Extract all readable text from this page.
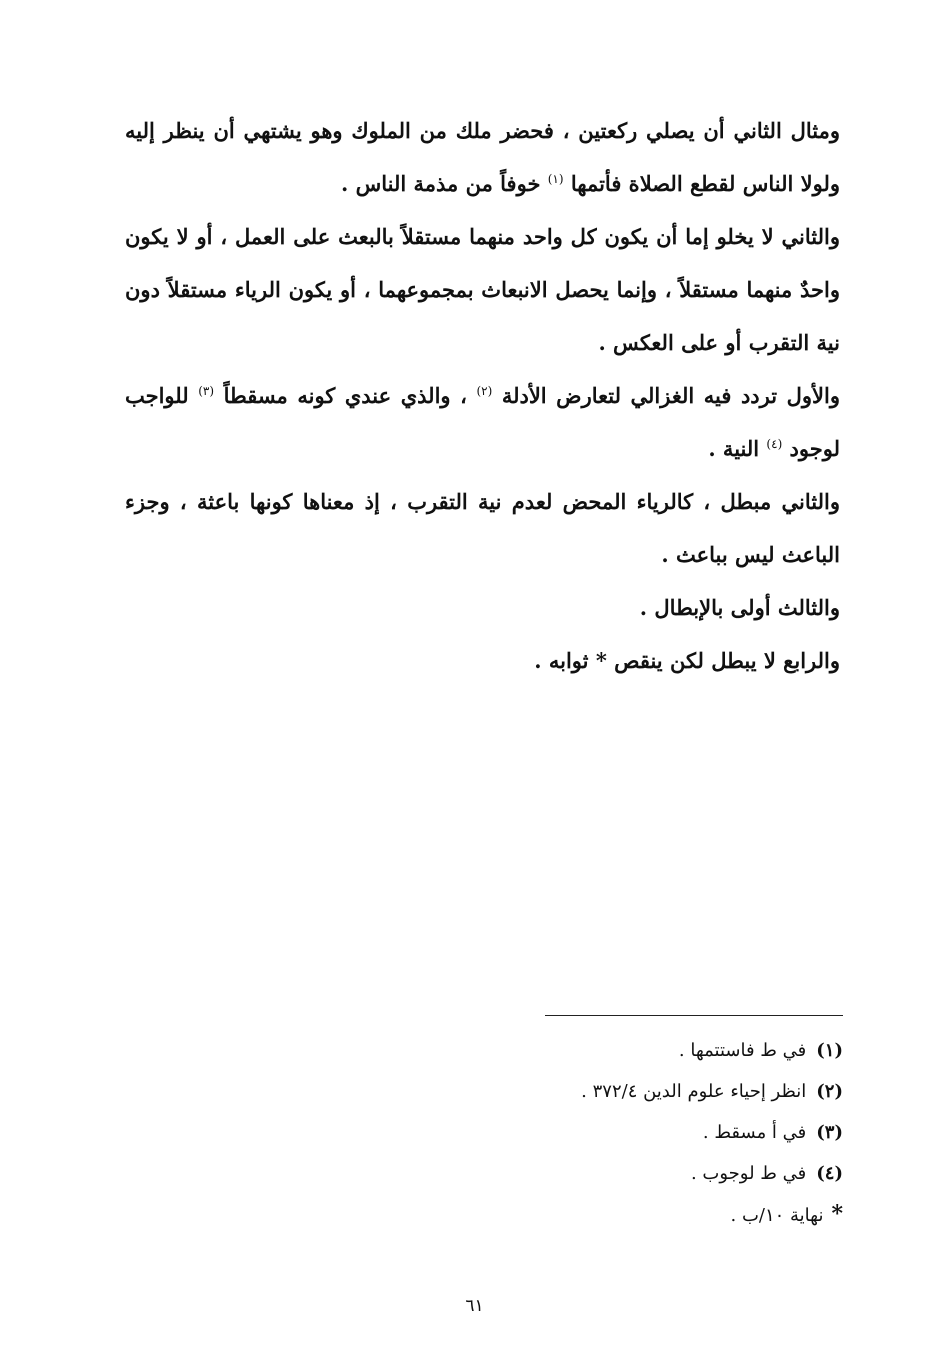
ومثال الثاني أن يصلي ركعتين ، فحضر ملك من الملوك وهو يشتهي أن ينظر إليه ولولا الناس لقطع الصلاة فأتمها $^{(١)}$ خوفاً من مذمة الناس .

والثاني لا يخلو إما أن يكون كل واحد منهما مستقلاً بالبعث على العمل ، أو لا يكون واحدٌ منهما مستقلاً ، وإنما يحصل الانبعاث بمجموعهما ، أو يكون الرياء مستقلاً دون نية التقرب أو على العكس .

والأول تردد فيه الغزالي لتعارض الأدلة $^{(٢)}$ ، والذي عندي كونه مسقطاً $^{(٣)}$ للواجب لوجود $^{(٤)}$ النية .

والثاني مبطل ، كالرياء المحض لعدم نية التقرب ، إذ معناها كونها باعثة ، وجزء الباعث ليس بباعث .

والثالث أولى بالإبطال .

والرابع لا يبطل لكن ينقص * ثوابه .

(١)في ط فاستتمها .
(٢)انظر إحياء علوم الدين ٣٧٢/٤ .
(٣)في أ مسقط .
(٤)في ط لوجوب .
*نهاية ١٠/ب .
٦١
